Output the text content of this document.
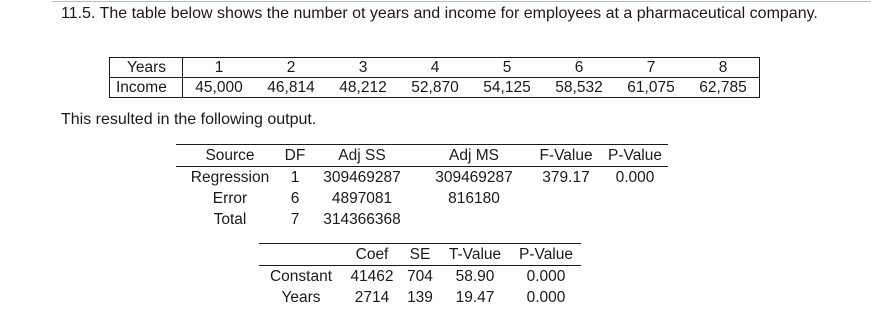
11.5. The table below shows the number ot years and income for employees at a pharmaceutical company.
Years	1	2	3	4	5	6	7	8
Income	45,000	46,814	48,212	52,870	54,125	58,532	61,075	62,785
This resulted in the following output.
Source	DF	Adj SS	Adj MS	F-Value	P-Value
Regression	1	309469287	309469287	379.17	0.000
Error	6	4897081	816180		
Total	7	314366368			
	Coef	SE	T-Value	P-Value
Constant	41462	704	58.90	0.000
Years	2714	139	19.47	0.000
